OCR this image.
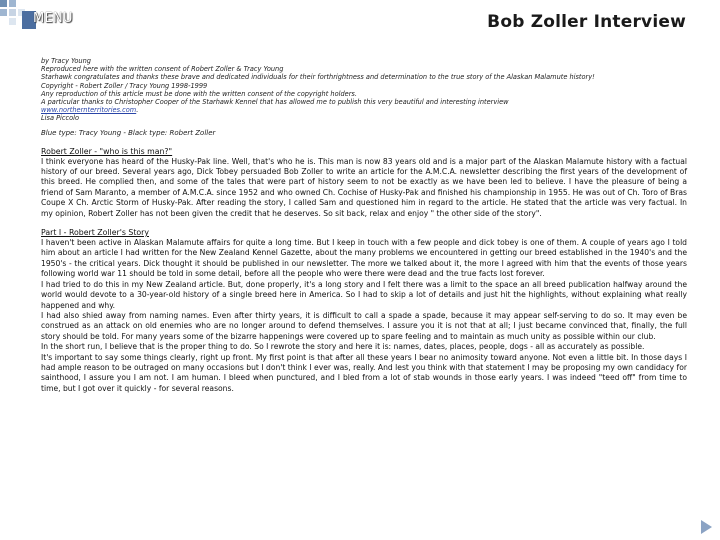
MENU	Bob Zoller Interview
by Tracy Young
Reproduced here with the written consent of Robert Zoller & Tracy Young
Starhawk congratulates and thanks these brave and dedicated individuals for their forthrightness and determination to the true story of the Alaskan Malamute history!
Copyright - Robert Zoller / Tracy Young 1998-1999
Any reproduction of this article must be done with the written consent of the copyright holders.
A particular thanks to Christopher Cooper of the Starhawk Kennel that has allowed me to publish this very beautiful and interesting interview
www.northernterritories.com.
Lisa Piccolo
Blue type: Tracy Young - Black type: Robert Zoller
Robert Zoller - "who is this man?"
I think everyone has heard of the Husky-Pak line. Well, that's who he is. This man is now 83 years old and is a major part of the Alaskan Malamute history with a factual history of our breed. Several years ago, Dick Tobey persuaded Bob Zoller to write an article for the A.M.C.A. newsletter describing the first years of the development of this breed. He complied then, and some of the tales that were part of history seem to not be exactly as we have been led to believe. I have the pleasure of being a friend of Sam Maranto, a member of A.M.C.A. since 1952 and who owned Ch. Cochise of Husky-Pak and finished his championship in 1955. He was out of Ch. Toro of Bras Coupe X Ch. Arctic Storm of Husky-Pak. After reading the story, I called Sam and questioned him in regard to the article. He stated that the article was very factual. In my opinion, Robert Zoller has not been given the credit that he deserves. So sit back, relax and enjoy " the other side of the story".
Part I - Robert Zoller's Story
I haven't been active in Alaskan Malamute affairs for quite a long time. But I keep in touch with a few people and dick tobey is one of them. A couple of years ago I told him about an article I had written for the New Zealand Kennel Gazette, about the many problems we encountered in getting our breed established in the 1940's and the 1950's - the critical years. Dick thought it should be published in our newsletter. The more we talked about it, the more I agreed with him that the events of those years following world war 11 should be told in some detail, before all the people who were there were dead and the true facts lost forever.
I had tried to do this in my New Zealand article. But, done properly, it's a long story and I felt there was a limit to the space an all breed publication halfway around the world would devote to a 30-year-old history of a single breed here in America. So I had to skip a lot of details and just hit the highlights, without explaining what really happened and why.
I had also shied away from naming names. Even after thirty years, it is difficult to call a spade a spade, because it may appear self-serving to do so. It may even be construed as an attack on old enemies who are no longer around to defend themselves. I assure you it is not that at all; I just became convinced that, finally, the full story should be told. For many years some of the bizarre happenings were covered up to spare feeling and to maintain as much unity as possible within our club.
In the short run, I believe that is the proper thing to do. So I rewrote the story and here it is: names, dates, places, people, dogs - all as accurately as possible.
It's important to say some things clearly, right up front. My first point is that after all these years I bear no animosity toward anyone. Not even a little bit. In those days I had ample reason to be outraged on many occasions but I don't think I ever was, really. And lest you think with that statement I may be proposing my own candidacy for sainthood, I assure you I am not. I am human. I bleed when punctured, and I bled from a lot of stab wounds in those early years. I was indeed "teed off" from time to time, but I got over it quickly - for several reasons.
